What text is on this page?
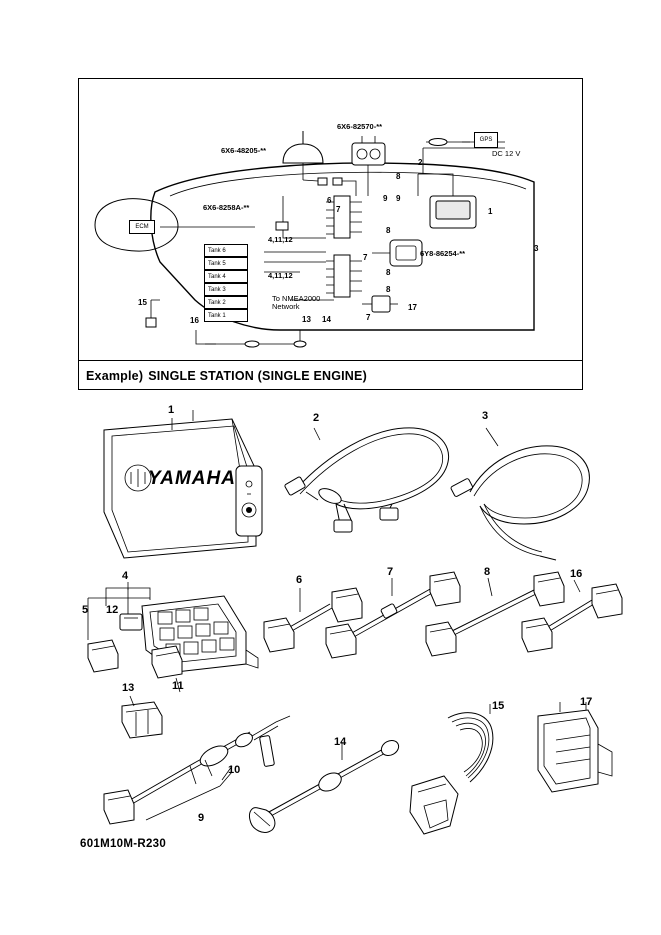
6X6-82570-**
6X6-48205-**
6X6-8258A-**
6Y8-86254-**
DC 12 V
To NMEA2000
Network
ECM
GPS
Tank 6
Tank 5
Tank 4
Tank 3
Tank 2
Tank 1
1
2
3
6
7
7
7
8
8
8
8
9 9
13 14
15
16
17
4,11,12
4,11,12
Example) SINGLE STATION (SINGLE ENGINE)
1
2	3
4
5 12
6
7	8	16
13	11
10
9
14
15	17
YAMAHA
601M10M-R230
